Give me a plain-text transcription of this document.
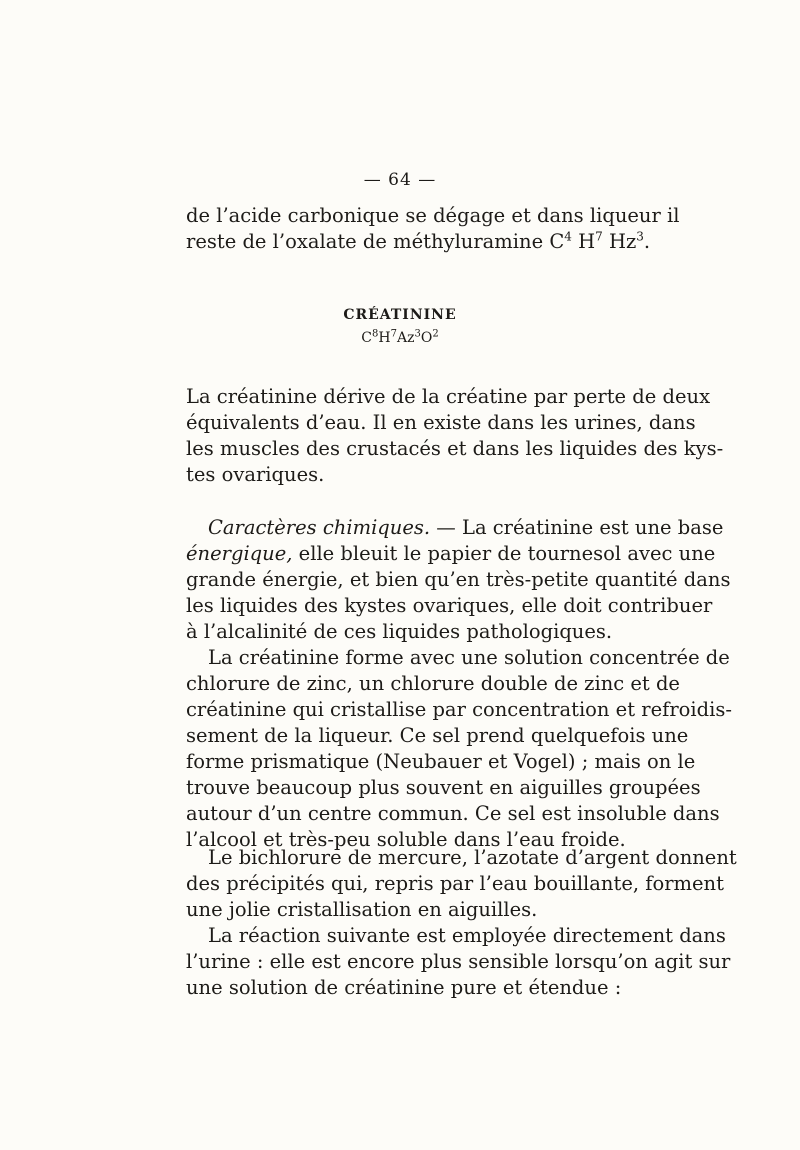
— 64 —
de l’acide carbonique se dégage et dans liqueur il
reste de l’oxalate de méthyluramine $C^4$ $H^7$ Hz$^3$.
CRÉATININE
$C^8H^7Az^3O^2$
La créatinine dérive de la créatine par perte de deux
équivalents d’eau. Il en existe dans les urines, dans
les muscles des crustacés et dans les liquides des kys-
tes ovariques.
Caractères chimiques. — La créatinine est une base
énergique, elle bleuit le papier de tournesol avec une
grande énergie, et bien qu’en très-petite quantité dans
les liquides des kystes ovariques, elle doit contribuer
à l’alcalinité de ces liquides pathologiques.
La créatinine forme avec une solution concentrée de
chlorure de zinc, un chlorure double de zinc et de
créatinine qui cristallise par concentration et refroidis-
sement de la liqueur. Ce sel prend quelquefois une
forme prismatique (Neubauer et Vogel) ; mais on le
trouve beaucoup plus souvent en aiguilles groupées
autour d’un centre commun. Ce sel est insoluble dans
l’alcool et très-peu soluble dans l’eau froide.
Le bichlorure de mercure, l’azotate d’argent donnent
des précipités qui, repris par l’eau bouillante, forment
une jolie cristallisation en aiguilles.
La réaction suivante est employée directement dans
l’urine : elle est encore plus sensible lorsqu’on agit sur
une solution de créatinine pure et étendue :
